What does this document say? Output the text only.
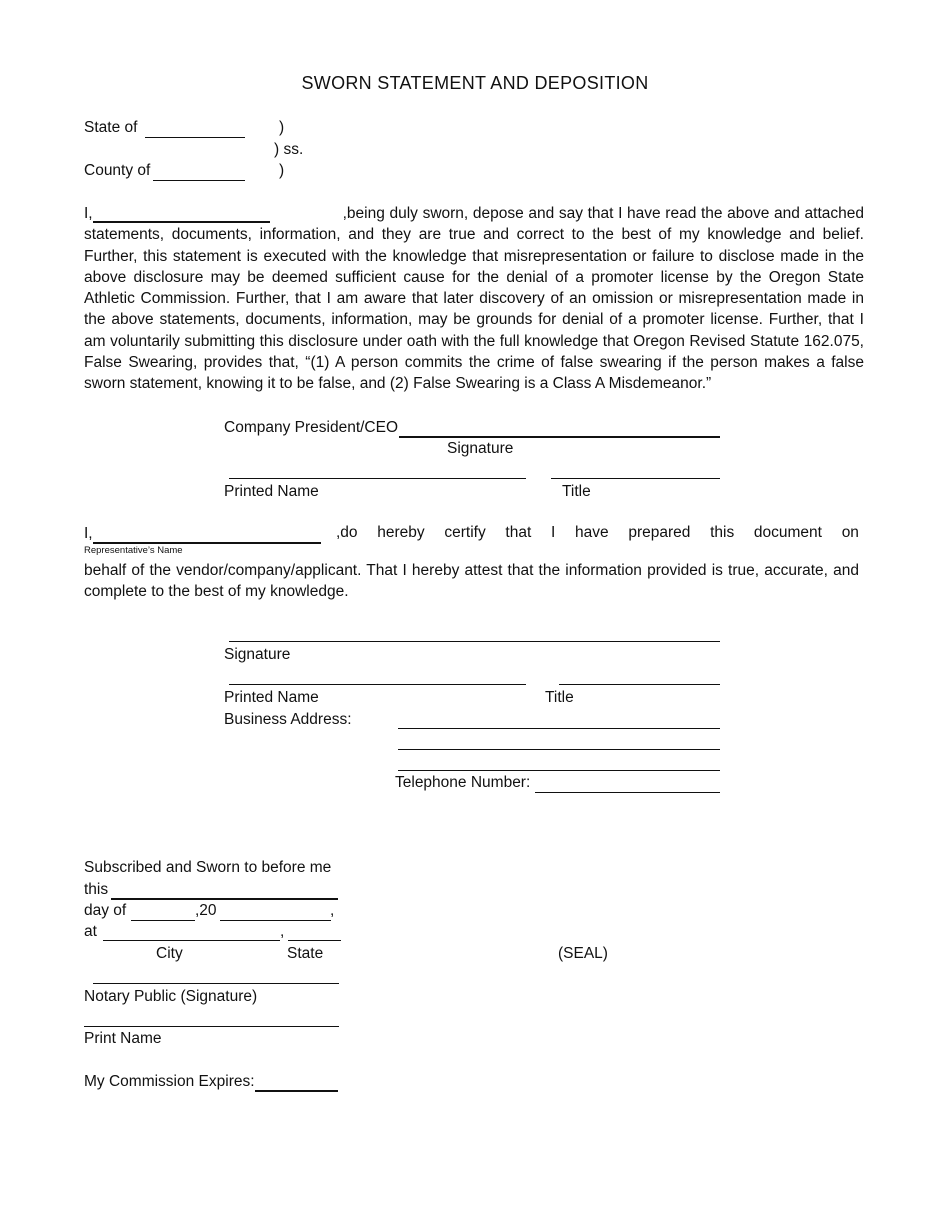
SWORN STATEMENT AND DEPOSITION
State of	)
) ss.
County of	)
I,	,being duly sworn, depose and say that I have read the above and attached statements, documents, information, and they are true and correct to the best of my knowledge and belief. Further, this statement is executed with the knowledge that misrepresentation or failure to disclose made in the above disclosure may be deemed sufficient cause for the denial of a promoter license by the Oregon State Athletic Commission. Further, that I am aware that later discovery of an omission or misrepresentation made in the above statements, documents, information, may be grounds for denial of a promoter license. Further, that I am voluntarily submitting this disclosure under oath with the full knowledge that Oregon Revised Statute 162.075, False Swearing, provides that, “(1) A person commits the crime of false swearing if the person makes a false sworn statement, knowing it to be false, and (2) False Swearing is a Class A Misdemeanor.”
Company President/CEO
Signature
Printed Name	Title
I,	,do hereby certify that I have prepared this document on
Representative’s Name
behalf of the vendor/company/applicant. That I hereby attest that the information provided is true, accurate, and complete to the best of my knowledge.
Signature
Printed Name	Title
Business Address:
Telephone Number:
Subscribed and Sworn to before me
this
day of	,20	,
at	,
City	State	(SEAL)
Notary Public (Signature)
Print Name
My Commission Expires:
